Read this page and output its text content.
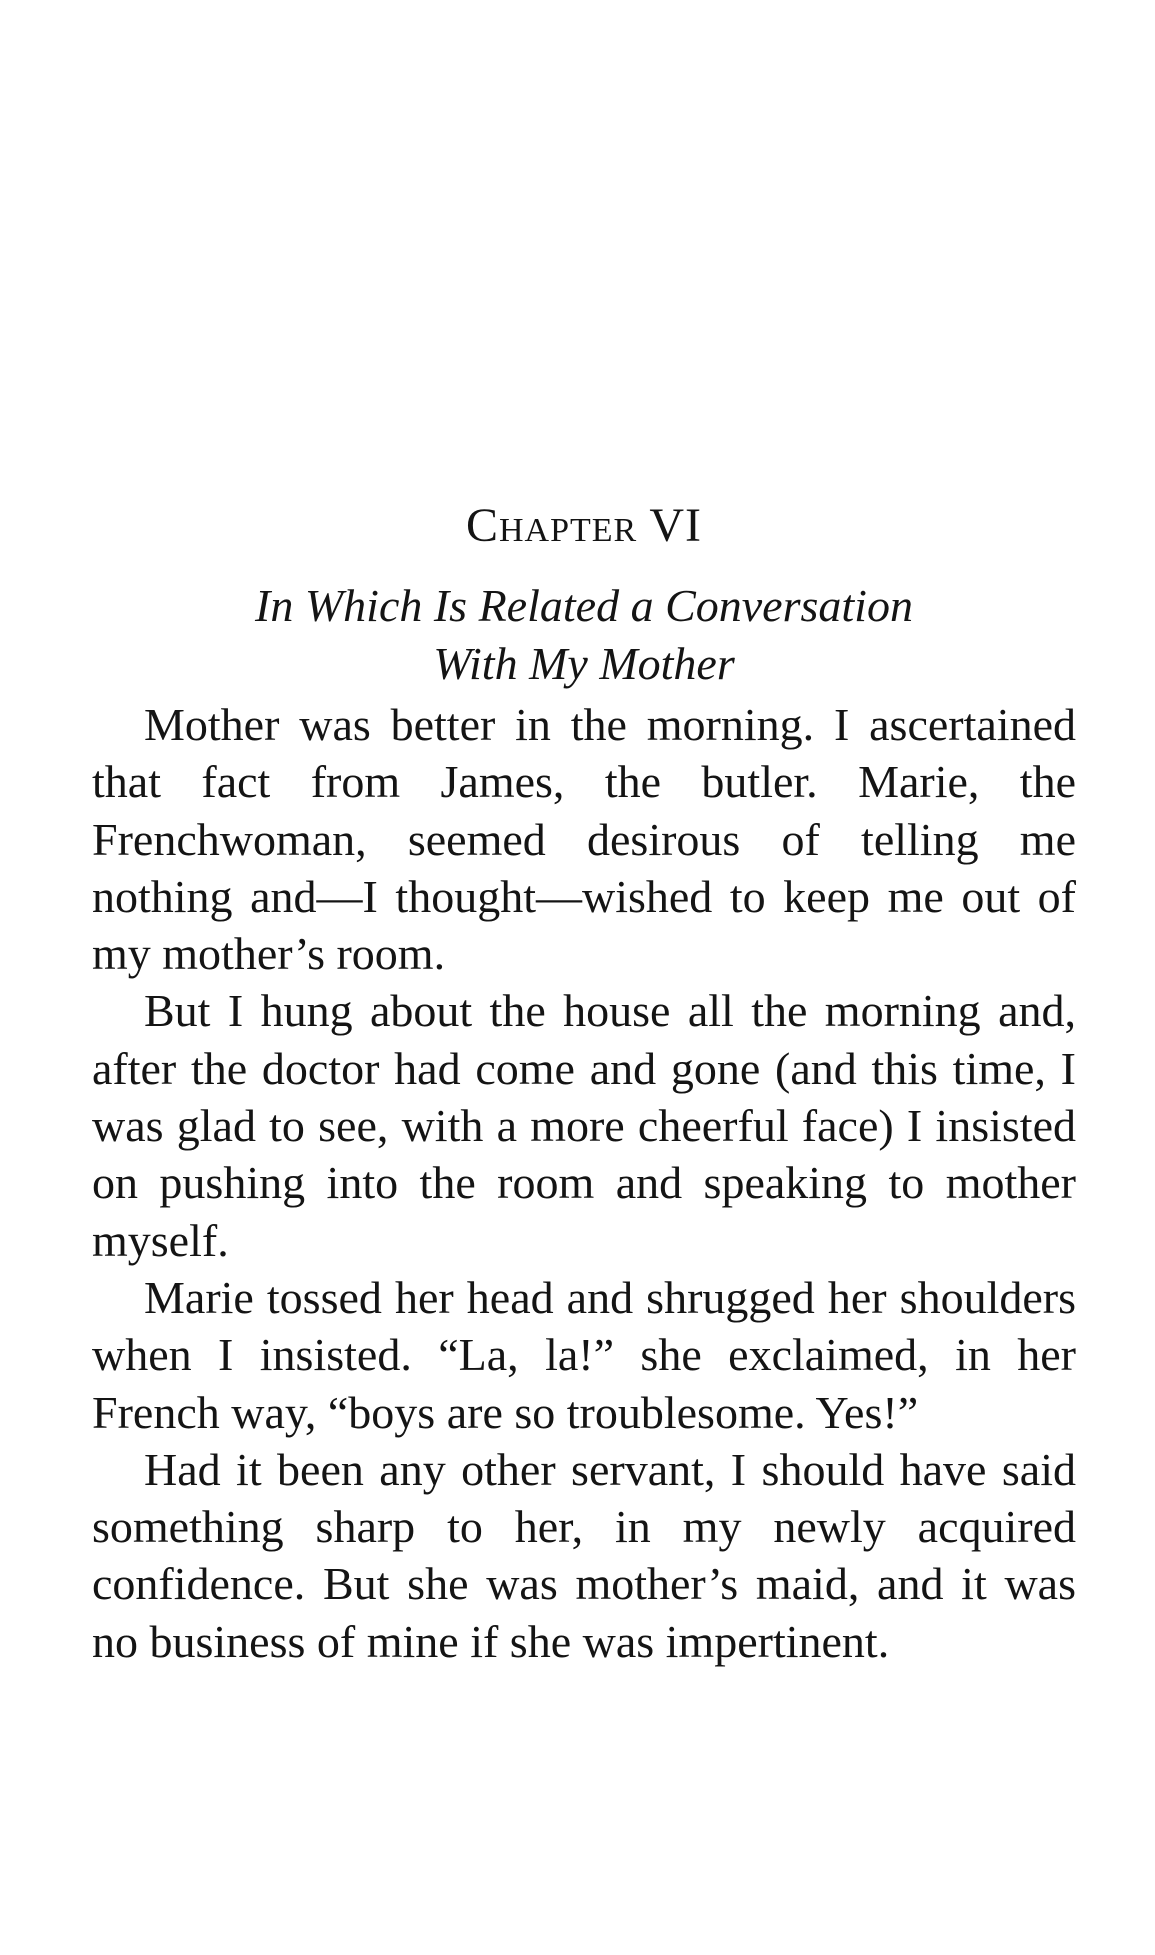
Chapter VI
In Which Is Related a Conversation
With My Mother

Mother was better in the morning. I ascertained that fact from James, the butler. Marie, the Frenchwoman, seemed desirous of telling me nothing and—I thought—wished to keep me out of my mother’s room.

But I hung about the house all the morning and, after the doctor had come and gone (and this time, I was glad to see, with a more cheerful face) I insisted on pushing into the room and speaking to mother myself.

Marie tossed her head and shrugged her shoulders when I insisted. “La, la!” she exclaimed, in her French way, “boys are so troublesome. Yes!”

Had it been any other servant, I should have said something sharp to her, in my newly acquired confidence. But she was mother’s maid, and it was no business of mine if she was impertinent.
